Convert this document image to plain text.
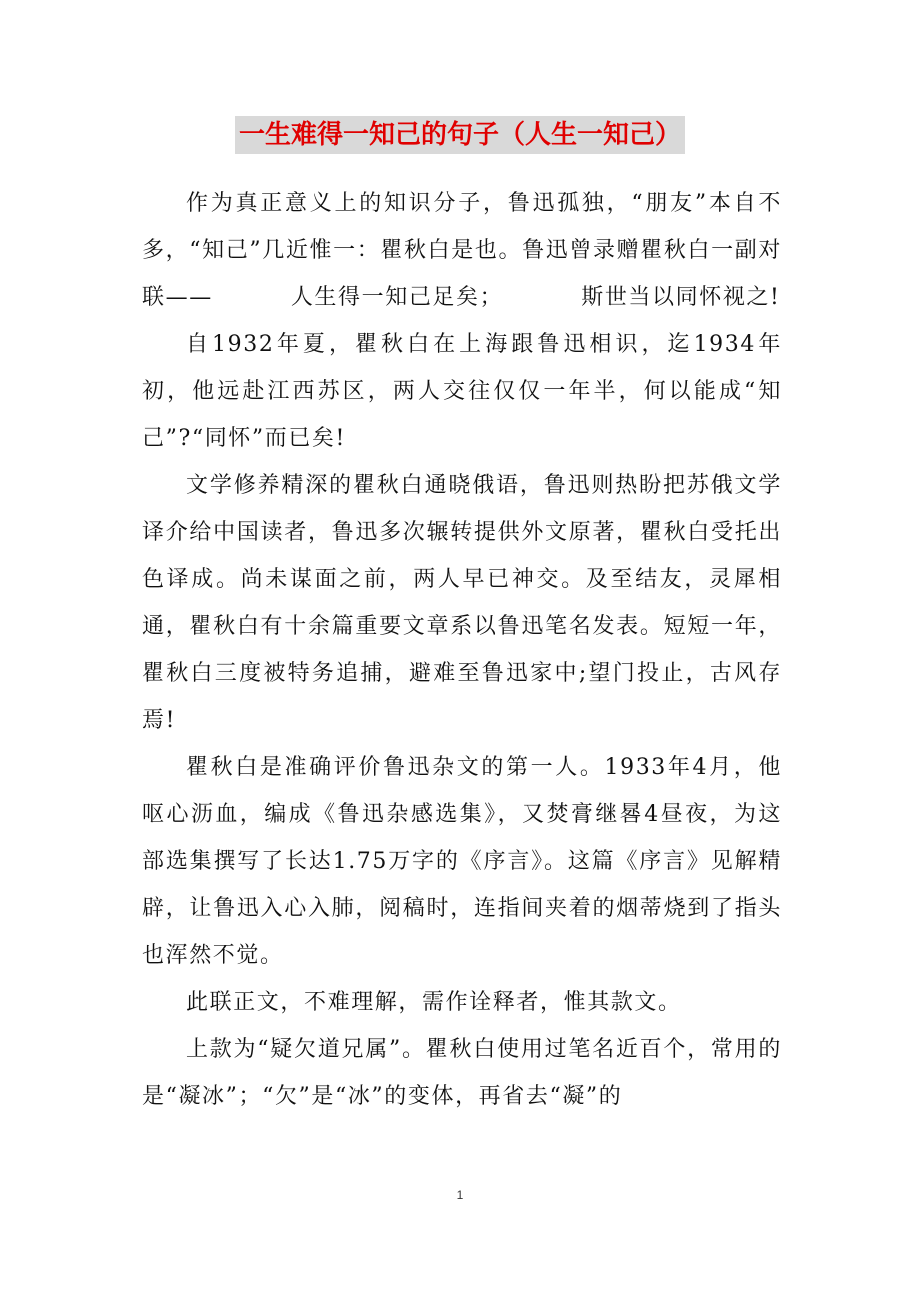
一生难得一知己的句子（人生一知己）

作为真正意义上的知识分子，鲁迅孤独，“朋友”本自不多，“知己”几近惟一：瞿秋白是也。鲁迅曾录赠瞿秋白一副对联——	人生得一知己足矣；	斯世当以同怀视之!

自1932年夏，瞿秋白在上海跟鲁迅相识，迄1934年初，他远赴江西苏区，两人交往仅仅一年半，何以能成“知己”?“同怀”而已矣!

文学修养精深的瞿秋白通晓俄语，鲁迅则热盼把苏俄文学译介给中国读者，鲁迅多次辗转提供外文原著，瞿秋白受托出色译成。尚未谋面之前，两人早已神交。及至结友，灵犀相通，瞿秋白有十余篇重要文章系以鲁迅笔名发表。短短一年，瞿秋白三度被特务追捕，避难至鲁迅家中;望门投止，古风存焉!

瞿秋白是准确评价鲁迅杂文的第一人。1933年4月，他呕心沥血，编成《鲁迅杂感选集》，又焚膏继晷4昼夜，为这部选集撰写了长达1.75万字的《序言》。这篇《序言》见解精辟，让鲁迅入心入肺，阅稿时，连指间夹着的烟蒂烧到了指头也浑然不觉。

此联正文，不难理解，需作诠释者，惟其款文。

上款为“疑欠道兄属”。瞿秋白使用过笔名近百个，常用的是“凝冰”；“欠”是“冰”的变体，再省去“凝”的

1
